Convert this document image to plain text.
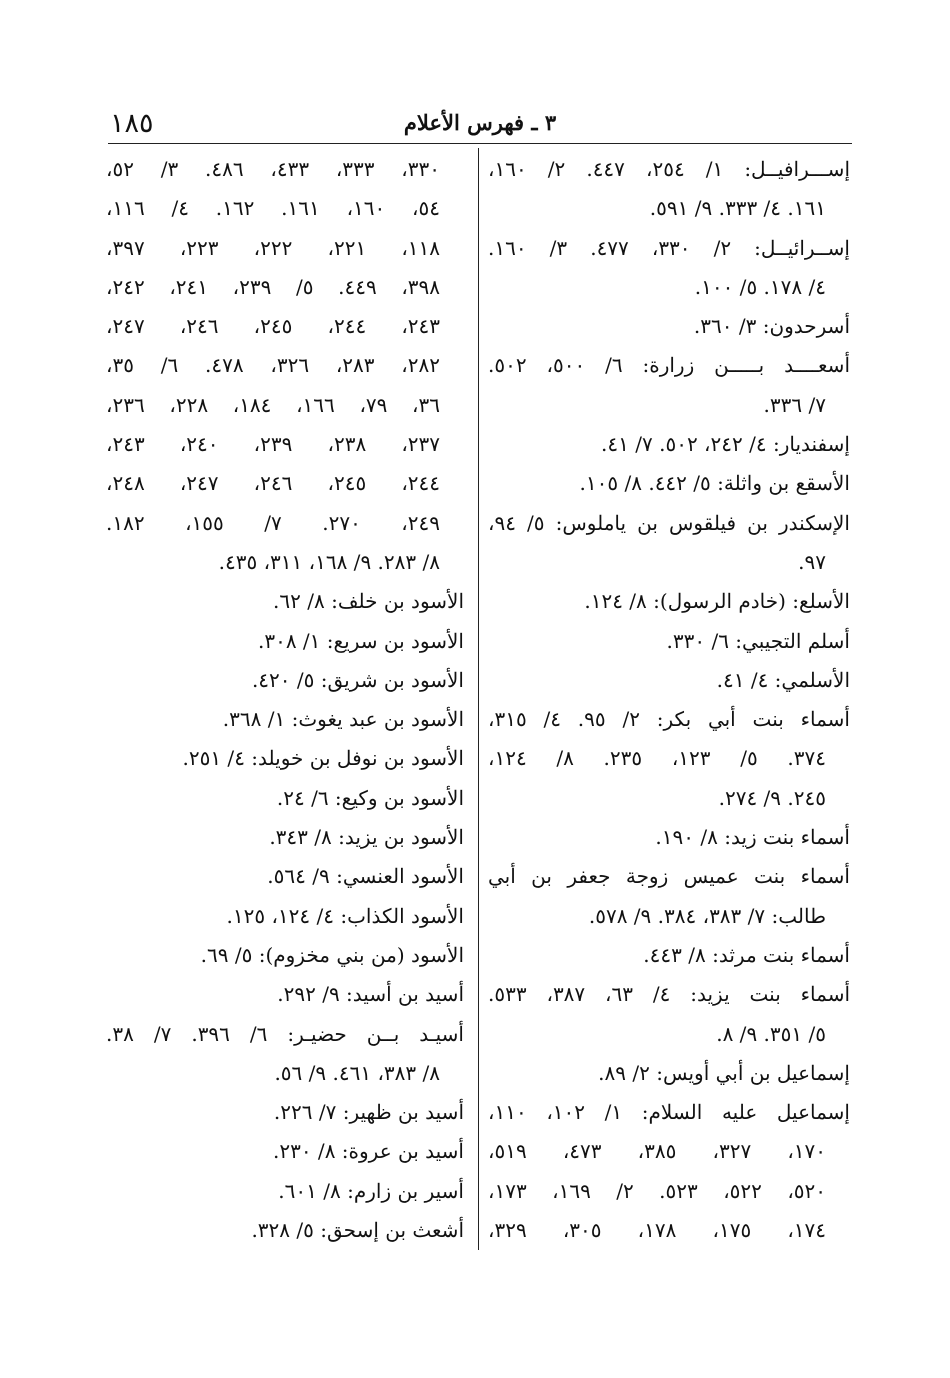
١٨٥	٣ ـ فهرس الأعلام
إســـرافيــل: ١/ ٢٥٤، ٤٤٧. ٢/ ١٦٠،
١٦١. ٤/ ٣٣٣. ٩/ ٥٩١.
إســرائيــل: ٢/ ٣٣٠، ٤٧٧. ٣/ ١٦٠.
٤/ ١٧٨. ٥/ ١٠٠.
أسرحدون: ٣/ ٣٦٠.
أسعــــد بـــــن زرارة: ٦/ ٥٠٠، ٥٠٢.
٧/ ٣٣٦.
إسفنديار: ٤/ ٢٤٢، ٥٠٢. ٧/ ٤١.
الأسقع بن واثلة: ٥/ ٤٤٢. ٨/ ١٠٥.
الإسكندر بن فيلقوس بن ياملوس: ٥/ ٩٤،
٩٧.
الأسلع: (خادم الرسول): ٨/ ١٢٤.
أسلم التجيبي: ٦/ ٣٣٠.
الأسلمي: ٤/ ٤١.
أسماء بنت أبي بكر: ٢/ ٩٥. ٤/ ٣١٥،
٣٧٤. ٥/ ١٢٣، ٢٣٥. ٨/ ١٢٤،
٢٤٥. ٩/ ٢٧٤.
أسماء بنت زيد: ٨/ ١٩٠.
أسماء بنت عميس زوجة جعفر بن أبي
طالب: ٧/ ٣٨٣، ٣٨٤. ٩/ ٥٧٨.
أسماء بنت مرثد: ٨/ ٤٤٣.
أسماء بنت يزيد: ٤/ ٦٣، ٣٨٧، ٥٣٣.
٥/ ٣٥١. ٩/ ٨.
إسماعيل بن أبي أويس: ٢/ ٨٩.
إسماعيل عليه السلام: ١/ ١٠٢، ١١٠،
١٧٠، ٣٢٧، ٣٨٥، ٤٧٣، ٥١٩،
٥٢٠، ٥٢٢، ٥٢٣. ٢/ ١٦٩، ١٧٣،
١٧٤، ١٧٥، ١٧٨، ٣٠٥، ٣٢٩،
٣٣٠، ٣٣٣، ٤٣٣، ٤٨٦. ٣/ ٥٢،
٥٤، ١٦٠، ١٦١. ١٦٢. ٤/ ١١٦،
١١٨، ٢٢١، ٢٢٢، ٢٢٣، ٣٩٧،
٣٩٨، ٤٤٩. ٥/ ٢٣٩، ٢٤١، ٢٤٢،
٢٤٣، ٢٤٤، ٢٤٥، ٢٤٦، ٢٤٧،
٢٨٢، ٢٨٣، ٣٢٦، ٤٧٨. ٦/ ٣٥،
٣٦، ٧٩، ١٦٦، ١٨٤، ٢٢٨، ٢٣٦،
٢٣٧، ٢٣٨، ٢٣٩، ٢٤٠، ٢٤٣،
٢٤٤، ٢٤٥، ٢٤٦، ٢٤٧، ٢٤٨،
٢٤٩، ٢٧٠. ٧/ ١٥٥، ١٨٢.
٨/ ٢٨٣. ٩/ ١٦٨، ٣١١، ٤٣٥.
الأسود بن خلف: ٨/ ٦٢.
الأسود بن سريع: ١/ ٣٠٨.
الأسود بن شريق: ٥/ ٤٢٠.
الأسود بن عبد يغوث: ١/ ٣٦٨.
الأسود بن نوفل بن خويلد: ٤/ ٢٥١.
الأسود بن وكيع: ٦/ ٢٤.
الأسود بن يزيد: ٨/ ٣٤٣.
الأسود العنسي: ٩/ ٥٦٤.
الأسود الكذاب: ٤/ ١٢٤، ١٢٥.
الأسود (من بني مخزوم): ٥/ ٦٩.
أسيد بن أسيد: ٩/ ٢٩٢.
أسيـد بــن حضيـر: ٦/ ٣٩٦. ٧/ ٣٨.
٨/ ٣٨٣، ٤٦١. ٩/ ٥٦.
أسيد بن ظهير: ٧/ ٢٢٦.
أسيد بن عروة: ٨/ ٢٣٠.
أسير بن زارم: ٨/ ٦٠١.
أشعث بن إسحق: ٥/ ٣٢٨.
